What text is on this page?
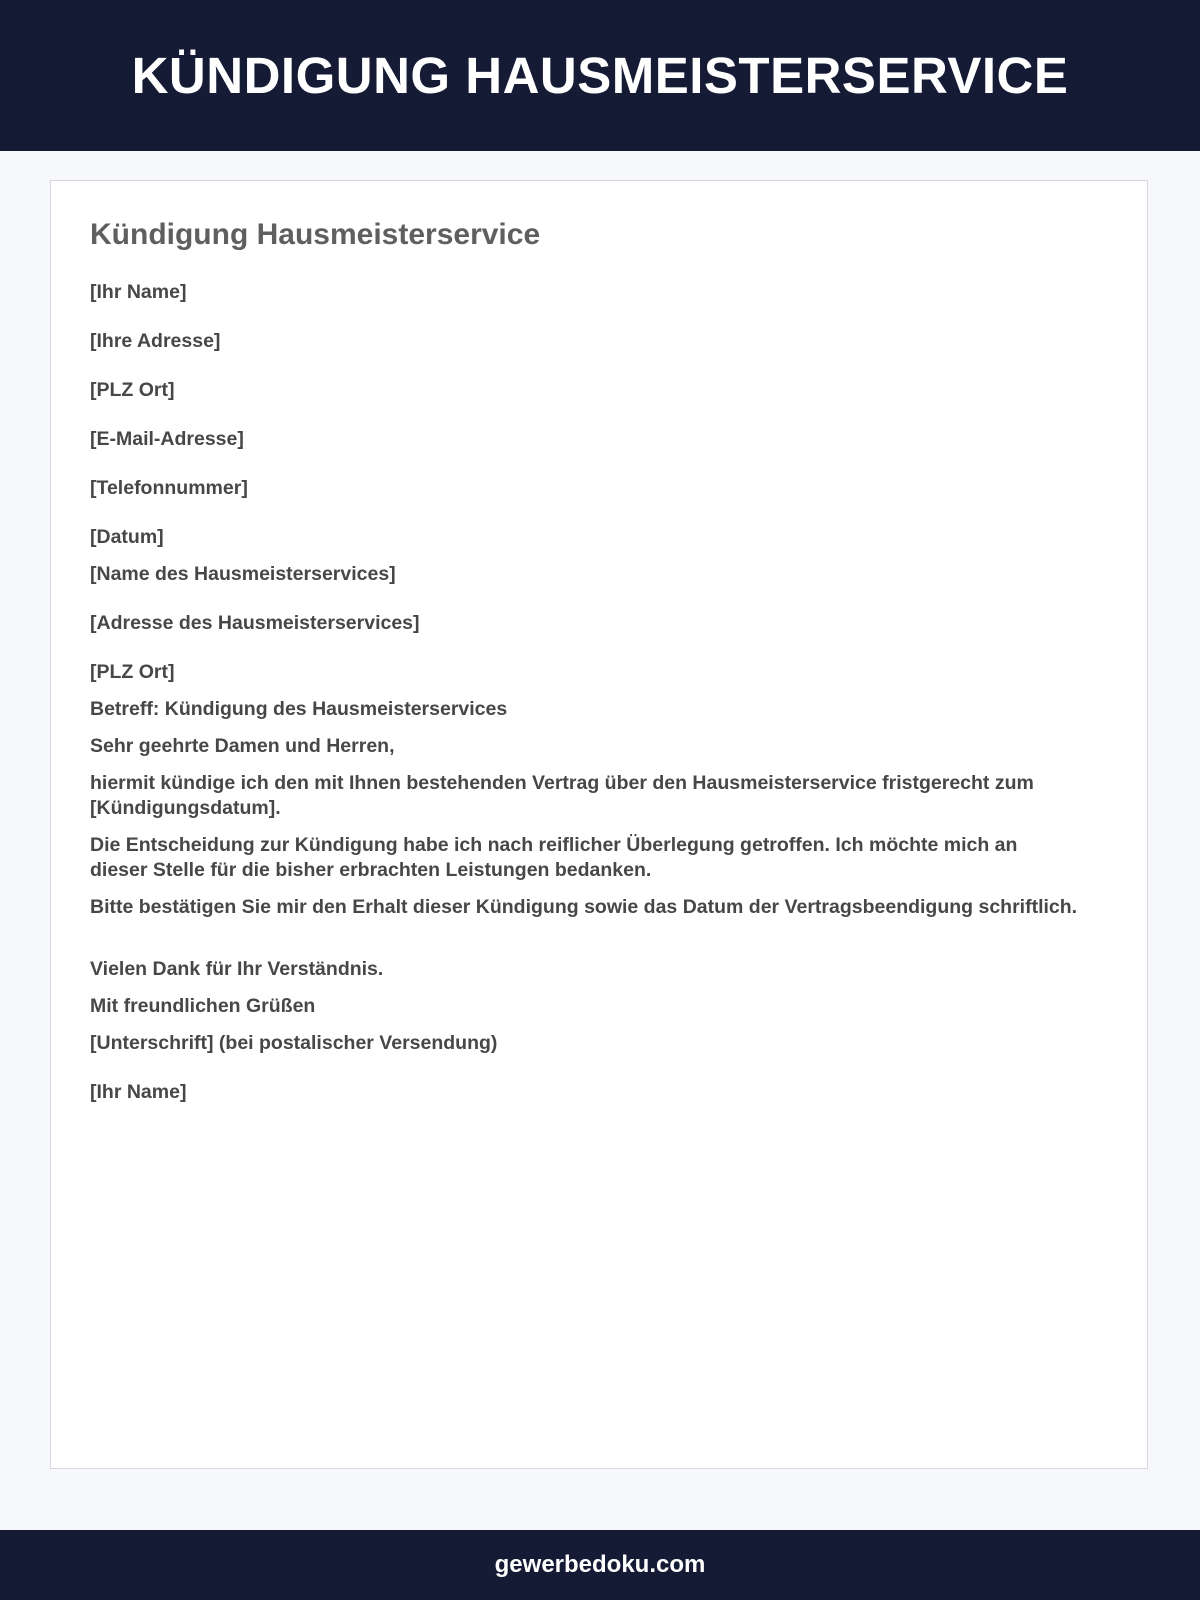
KÜNDIGUNG HAUSMEISTERSERVICE
Kündigung Hausmeisterservice

[Ihr Name]

[Ihre Adresse]

[PLZ Ort]

[E-Mail-Adresse]

[Telefonnummer]

[Datum]

[Name des Hausmeisterservices]

[Adresse des Hausmeisterservices]

[PLZ Ort]

Betreff: Kündigung des Hausmeisterservices

Sehr geehrte Damen und Herren,

hiermit kündige ich den mit Ihnen bestehenden Vertrag über den Hausmeisterservice fristgerecht zum [Kündigungsdatum].

Die Entscheidung zur Kündigung habe ich nach reiflicher Überlegung getroffen. Ich möchte mich an dieser Stelle für die bisher erbrachten Leistungen bedanken.

Bitte bestätigen Sie mir den Erhalt dieser Kündigung sowie das Datum der Vertragsbeendigung schriftlich.

Vielen Dank für Ihr Verständnis.

Mit freundlichen Grüßen

[Unterschrift] (bei postalischer Versendung)

[Ihr Name]

gewerbedoku.com
